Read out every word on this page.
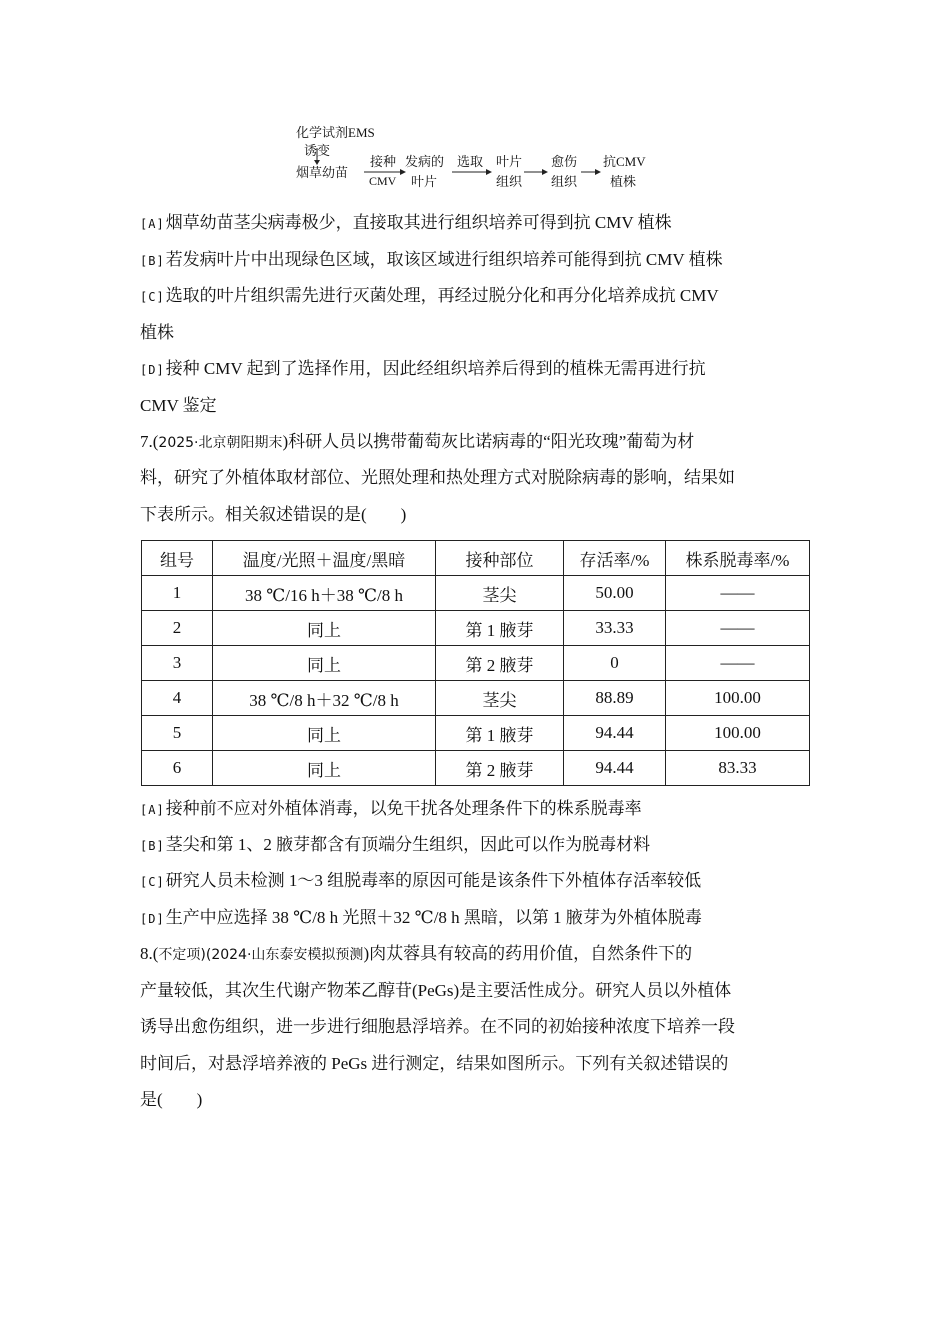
化学试剂EMS
诱变
烟草幼苗
接种
CMV
发病的
叶片
选取 叶片
组织
愈伤
组织
抗CMV
植株
[A]烟草幼苗茎尖病毒极少，直接取其进行组织培养可得到抗 CMV 植株
[B]若发病叶片中出现绿色区域，取该区域进行组织培养可能得到抗 CMV 植株
[C]选取的叶片组织需先进行灭菌处理，再经过脱分化和再分化培养成抗 CMV
植株
[D]接种 CMV 起到了选择作用，因此经组织培养后得到的植株无需再进行抗
CMV 鉴定
7.(2025·北京朝阳期末)科研人员以携带葡萄灰比诺病毒的“阳光玫瑰”葡萄为材
料，研究了外植体取材部位、光照处理和热处理方式对脱除病毒的影响，结果如
下表所示。相关叙述错误的是(　　)
组号	温度/光照＋温度/黑暗	接种部位	存活率/%	株系脱毒率/%
1	38 ℃/16 h＋38 ℃/8 h	茎尖	50.00	——
2	同上	第 1 腋芽	33.33	——
3	同上	第 2 腋芽	0	——
4	38 ℃/8 h＋32 ℃/8 h	茎尖	88.89	100.00
5	同上	第 1 腋芽	94.44	100.00
6	同上	第 2 腋芽	94.44	83.33
[A]接种前不应对外植体消毒，以免干扰各处理条件下的株系脱毒率
[B]茎尖和第 1、2 腋芽都含有顶端分生组织，因此可以作为脱毒材料
[C]研究人员未检测 1～3 组脱毒率的原因可能是该条件下外植体存活率较低
[D]生产中应选择 38 ℃/8 h 光照＋32 ℃/8 h 黑暗，以第 1 腋芽为外植体脱毒
8.(不定项)(2024·山东泰安模拟预测)肉苁蓉具有较高的药用价值，自然条件下的
产量较低，其次生代谢产物苯乙醇苷(PeGs)是主要活性成分。研究人员以外植体
诱导出愈伤组织，进一步进行细胞悬浮培养。在不同的初始接种浓度下培养一段
时间后，对悬浮培养液的 PeGs 进行测定，结果如图所示。下列有关叙述错误的
是(　　)
